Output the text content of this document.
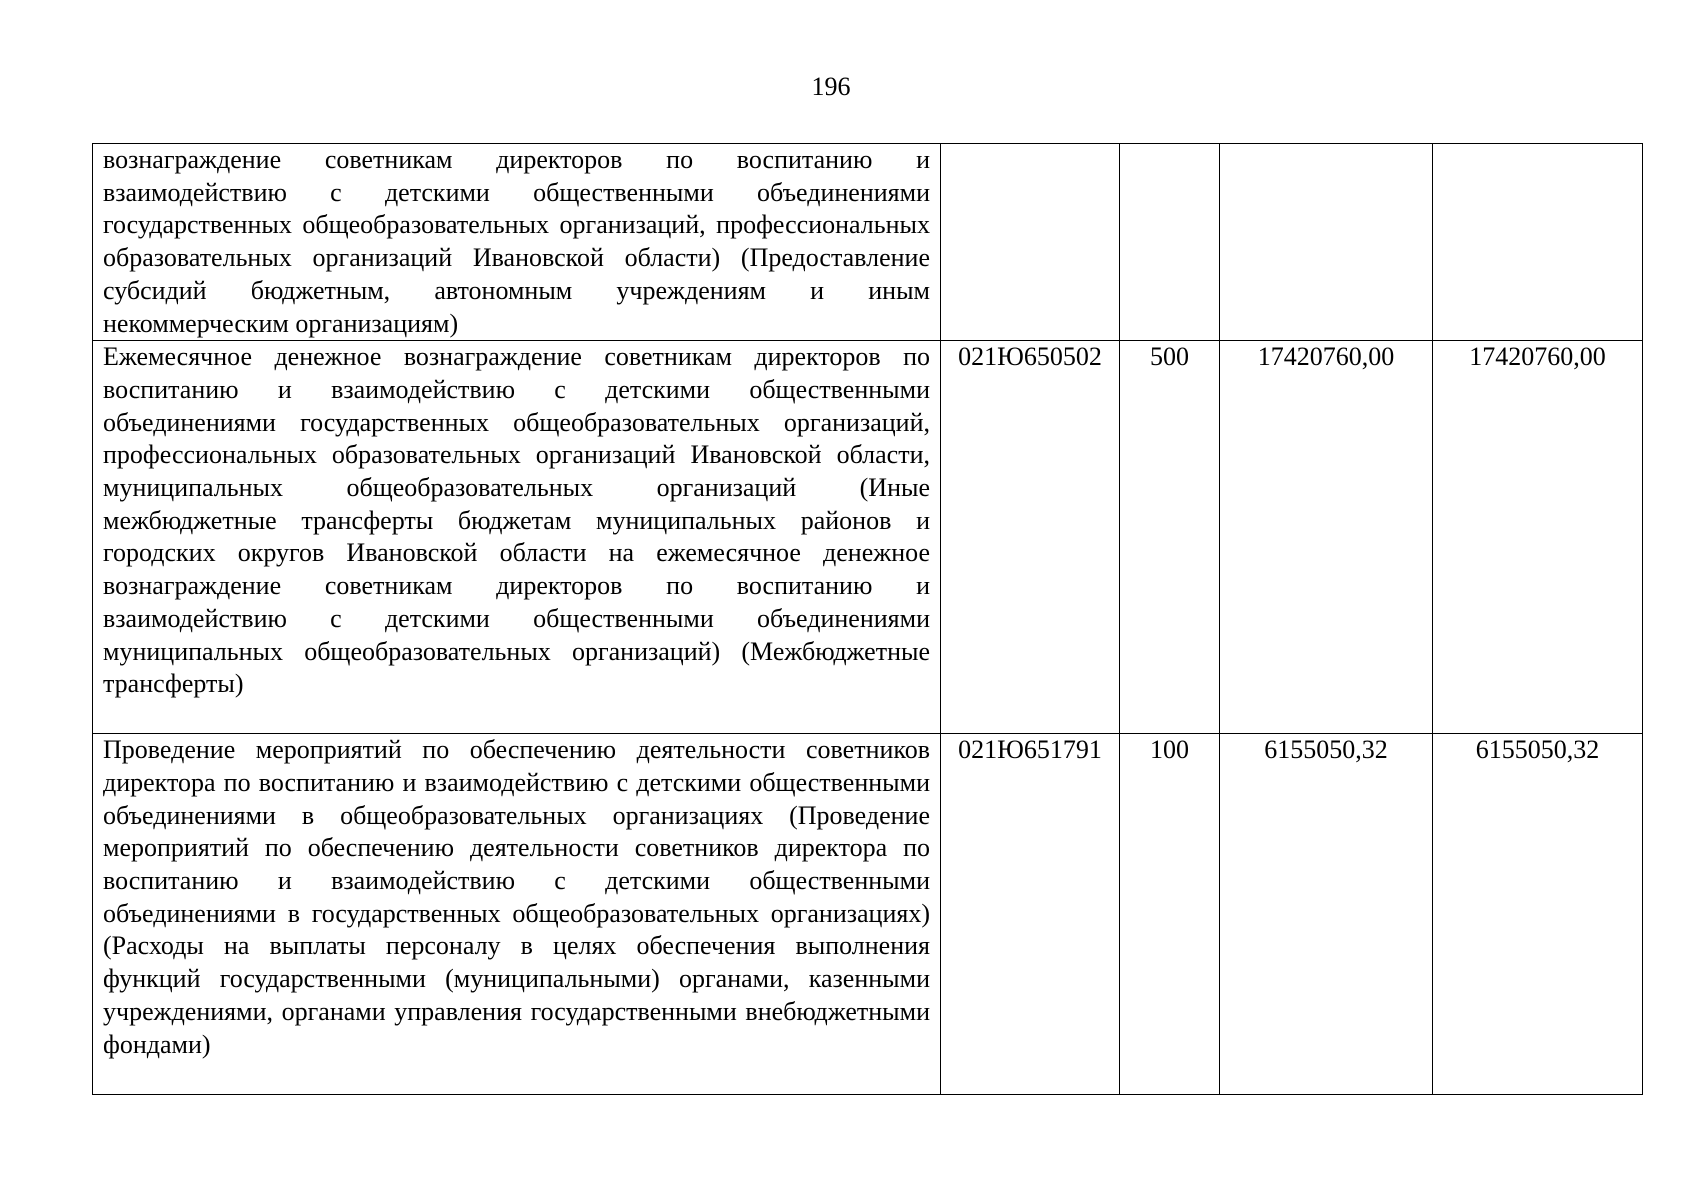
196
вознаграждение советникам директоров по воспитанию и взаимодействию с детскими общественными объединениями государственных общеобразовательных организаций, профессиональных образовательных организаций Ивановской области) (Предоставление субсидий бюджетным, автономным учреждениям и иным некоммерческим организациям)				

Ежемесячное денежное вознаграждение советникам директоров по воспитанию и взаимодействию с детскими общественными объединениями государственных общеобразовательных организаций, профессиональных образовательных организаций Ивановской области, муниципальных общеобразовательных организаций (Иные межбюджетные трансферты бюджетам муниципальных районов и городских округов Ивановской области на ежемесячное денежное вознаграждение советникам директоров по воспитанию и взаимодействию с детскими общественными объединениями муниципальных общеобразовательных организаций) (Межбюджетные трансферты)	021Ю650502	500	17420760,00	17420760,00

Проведение мероприятий по обеспечению деятельности советников директора по воспитанию и взаимодействию с детскими общественными объединениями в общеобразовательных организациях (Проведение мероприятий по обеспечению деятельности советников директора по воспитанию и взаимодействию с детскими общественными объединениями в государственных общеобразовательных организациях) (Расходы на выплаты персоналу в целях обеспечения выполнения функций государственными (муниципальными) органами, казенными учреждениями, органами управления государственными внебюджетными фондами)	021Ю651791	100	6155050,32	6155050,32
